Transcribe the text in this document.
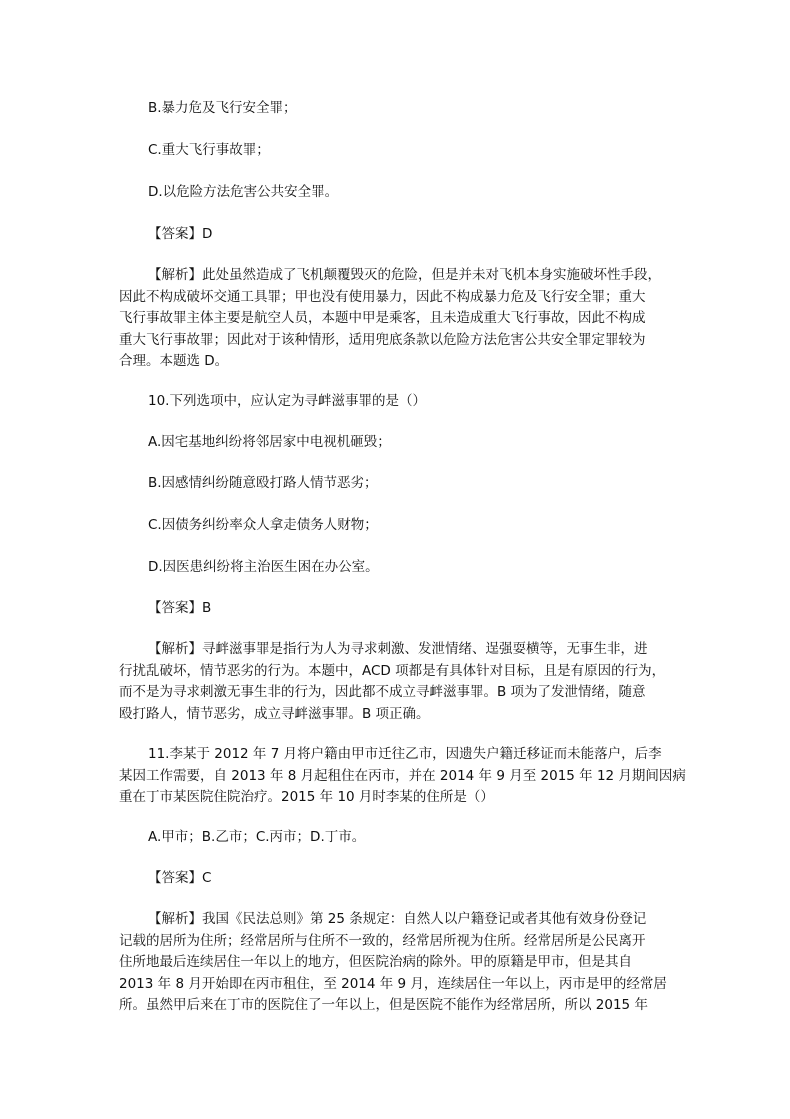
B.暴力危及飞行安全罪；
C.重大飞行事故罪；
D.以危险方法危害公共安全罪。
【答案】D
【解析】此处虽然造成了飞机颠覆毁灭的危险，但是并未对飞机本身实施破坏性手段，
因此不构成破坏交通工具罪；甲也没有使用暴力，因此不构成暴力危及飞行安全罪；重大
飞行事故罪主体主要是航空人员，本题中甲是乘客，且未造成重大飞行事故，因此不构成
重大飞行事故罪；因此对于该种情形，适用兜底条款以危险方法危害公共安全罪定罪较为
合理。本题选 D。
10.下列选项中，应认定为寻衅滋事罪的是（）
A.因宅基地纠纷将邻居家中电视机砸毁；
B.因感情纠纷随意殴打路人情节恶劣；
C.因债务纠纷率众人拿走债务人财物；
D.因医患纠纷将主治医生困在办公室。
【答案】B
【解析】寻衅滋事罪是指行为人为寻求刺激、发泄情绪、逞强耍横等，无事生非，进
行扰乱破坏，情节恶劣的行为。本题中，ACD 项都是有具体针对目标，且是有原因的行为，
而不是为寻求刺激无事生非的行为，因此都不成立寻衅滋事罪。B 项为了发泄情绪，随意
殴打路人，情节恶劣，成立寻衅滋事罪。B 项正确。
11.李某于 2012 年 7 月将户籍由甲市迁往乙市，因遗失户籍迁移证而未能落户，后李
某因工作需要，自 2013 年 8 月起租住在丙市，并在 2014 年 9 月至 2015 年 12 月期间因病
重在丁市某医院住院治疗。2015 年 10 月时李某的住所是（）
A.甲市；B.乙市；C.丙市；D.丁市。
【答案】C
【解析】我国《民法总则》第 25 条规定：自然人以户籍登记或者其他有效身份登记
记载的居所为住所；经常居所与住所不一致的，经常居所视为住所。经常居所是公民离开
住所地最后连续居住一年以上的地方，但医院治病的除外。甲的原籍是甲市，但是其自
2013 年 8 月开始即在丙市租住，至 2014 年 9 月，连续居住一年以上，丙市是甲的经常居
所。虽然甲后来在丁市的医院住了一年以上，但是医院不能作为经常居所，所以 2015 年
